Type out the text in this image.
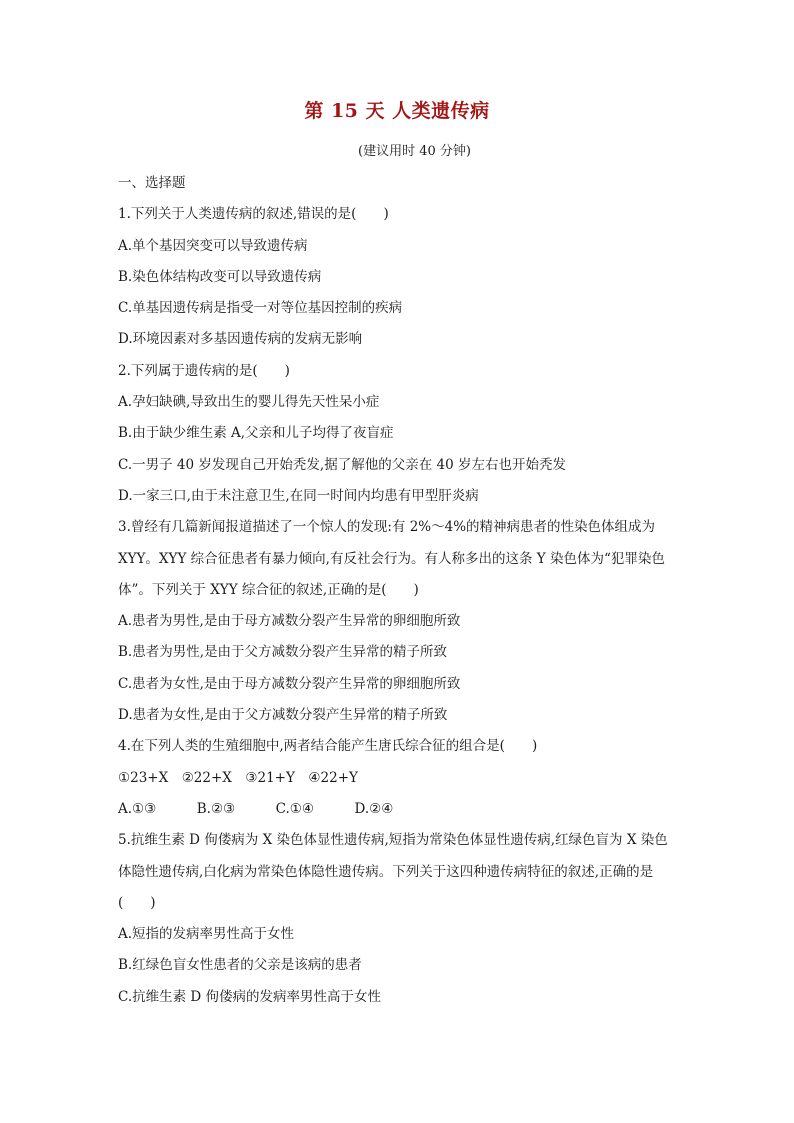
第 15 天 人类遗传病
(建议用时 40 分钟)
一、选择题
1.下列关于人类遗传病的叙述,错误的是(　　)
A.单个基因突变可以导致遗传病
B.染色体结构改变可以导致遗传病
C.单基因遗传病是指受一对等位基因控制的疾病
D.环境因素对多基因遗传病的发病无影响
2.下列属于遗传病的是(　　)
A.孕妇缺碘,导致出生的婴儿得先天性呆小症
B.由于缺少维生素 A,父亲和儿子均得了夜盲症
C.一男子 40 岁发现自己开始秃发,据了解他的父亲在 40 岁左右也开始秃发
D.一家三口,由于未注意卫生,在同一时间内均患有甲型肝炎病
3.曾经有几篇新闻报道描述了一个惊人的发现:有 2%～4%的精神病患者的性染色体组成为
XYY。XYY 综合征患者有暴力倾向,有反社会行为。有人称多出的这条 Y 染色体为“犯罪染色
体”。下列关于 XYY 综合征的叙述,正确的是(　　)
A.患者为男性,是由于母方减数分裂产生异常的卵细胞所致
B.患者为男性,是由于父方减数分裂产生异常的精子所致
C.患者为女性,是由于母方减数分裂产生异常的卵细胞所致
D.患者为女性,是由于父方减数分裂产生异常的精子所致
4.在下列人类的生殖细胞中,两者结合能产生唐氏综合征的组合是(　　)
①23+X　②22+X　③21+Y　④22+Y
A.①③　　　B.②③　　　C.①④　　　D.②④
5.抗维生素 D 佝偻病为 X 染色体显性遗传病,短指为常染色体显性遗传病,红绿色盲为 X 染色
体隐性遗传病,白化病为常染色体隐性遗传病。下列关于这四种遗传病特征的叙述,正确的是
(　　)
A.短指的发病率男性高于女性
B.红绿色盲女性患者的父亲是该病的患者
C.抗维生素 D 佝偻病的发病率男性高于女性
